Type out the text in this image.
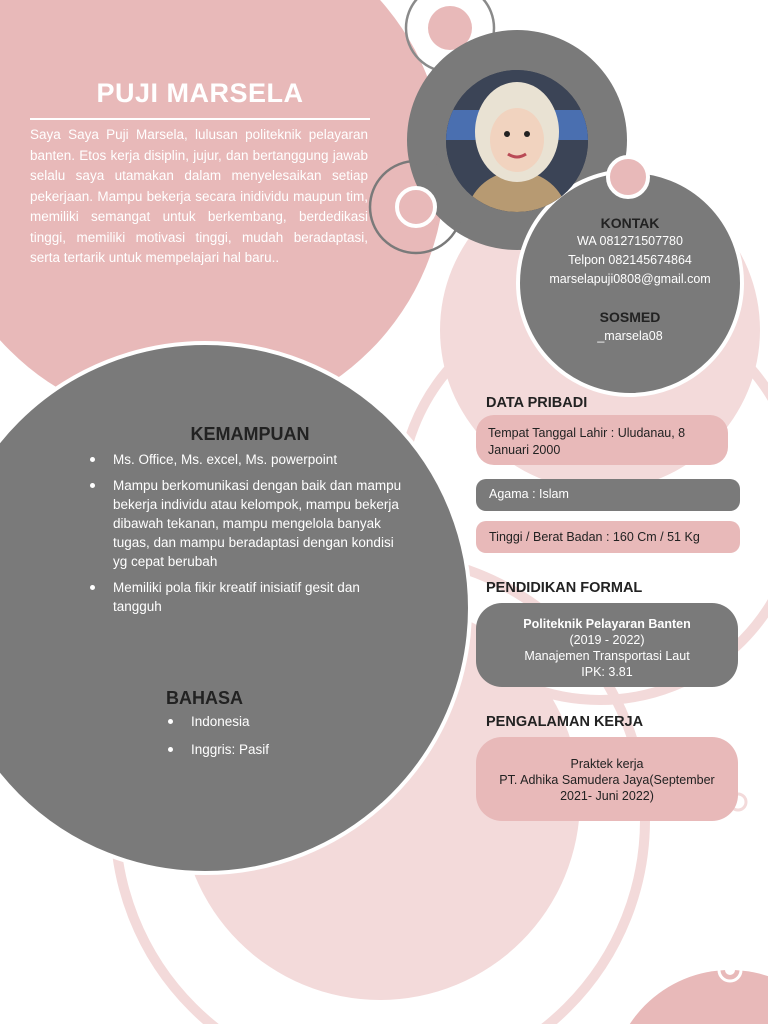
PUJI MARSELA
Saya Saya Puji Marsela, lulusan politeknik pelayaran banten. Etos kerja disiplin, jujur, dan bertanggung jawab selalu saya utamakan dalam menyelesaikan setiap pekerjaan. Mampu bekerja secara inidividu maupun tim, memiliki semangat untuk berkembang, berdedikasi tinggi, memiliki motivasi tinggi, mudah beradaptasi, serta tertarik untuk mempelajari hal baru..
KONTAK
WA 081271507780
Telpon 082145674864
marselapuji0808@gmail.com
SOSMED
_marsela08
KEMAMPUAN
Ms. Office, Ms. excel, Ms. powerpoint
Mampu berkomunikasi dengan baik dan mampu bekerja individu atau kelompok, mampu bekerja dibawah tekanan, mampu mengelola banyak tugas, dan mampu beradaptasi dengan kondisi yg cepat berubah
Memiliki pola fikir kreatif inisiatif gesit dan tangguh
BAHASA
Indonesia
Inggris: Pasif
DATA PRIBADI
Tempat Tanggal Lahir : Uludanau, 8 Januari 2000
Agama : Islam
Tinggi / Berat Badan : 160 Cm / 51 Kg
PENDIDIKAN FORMAL
Politeknik Pelayaran Banten
(2019 - 2022)
Manajemen Transportasi Laut
IPK: 3.81
PENGALAMAN KERJA
Praktek kerja
PT. Adhika Samudera Jaya(September 2021- Juni 2022)
